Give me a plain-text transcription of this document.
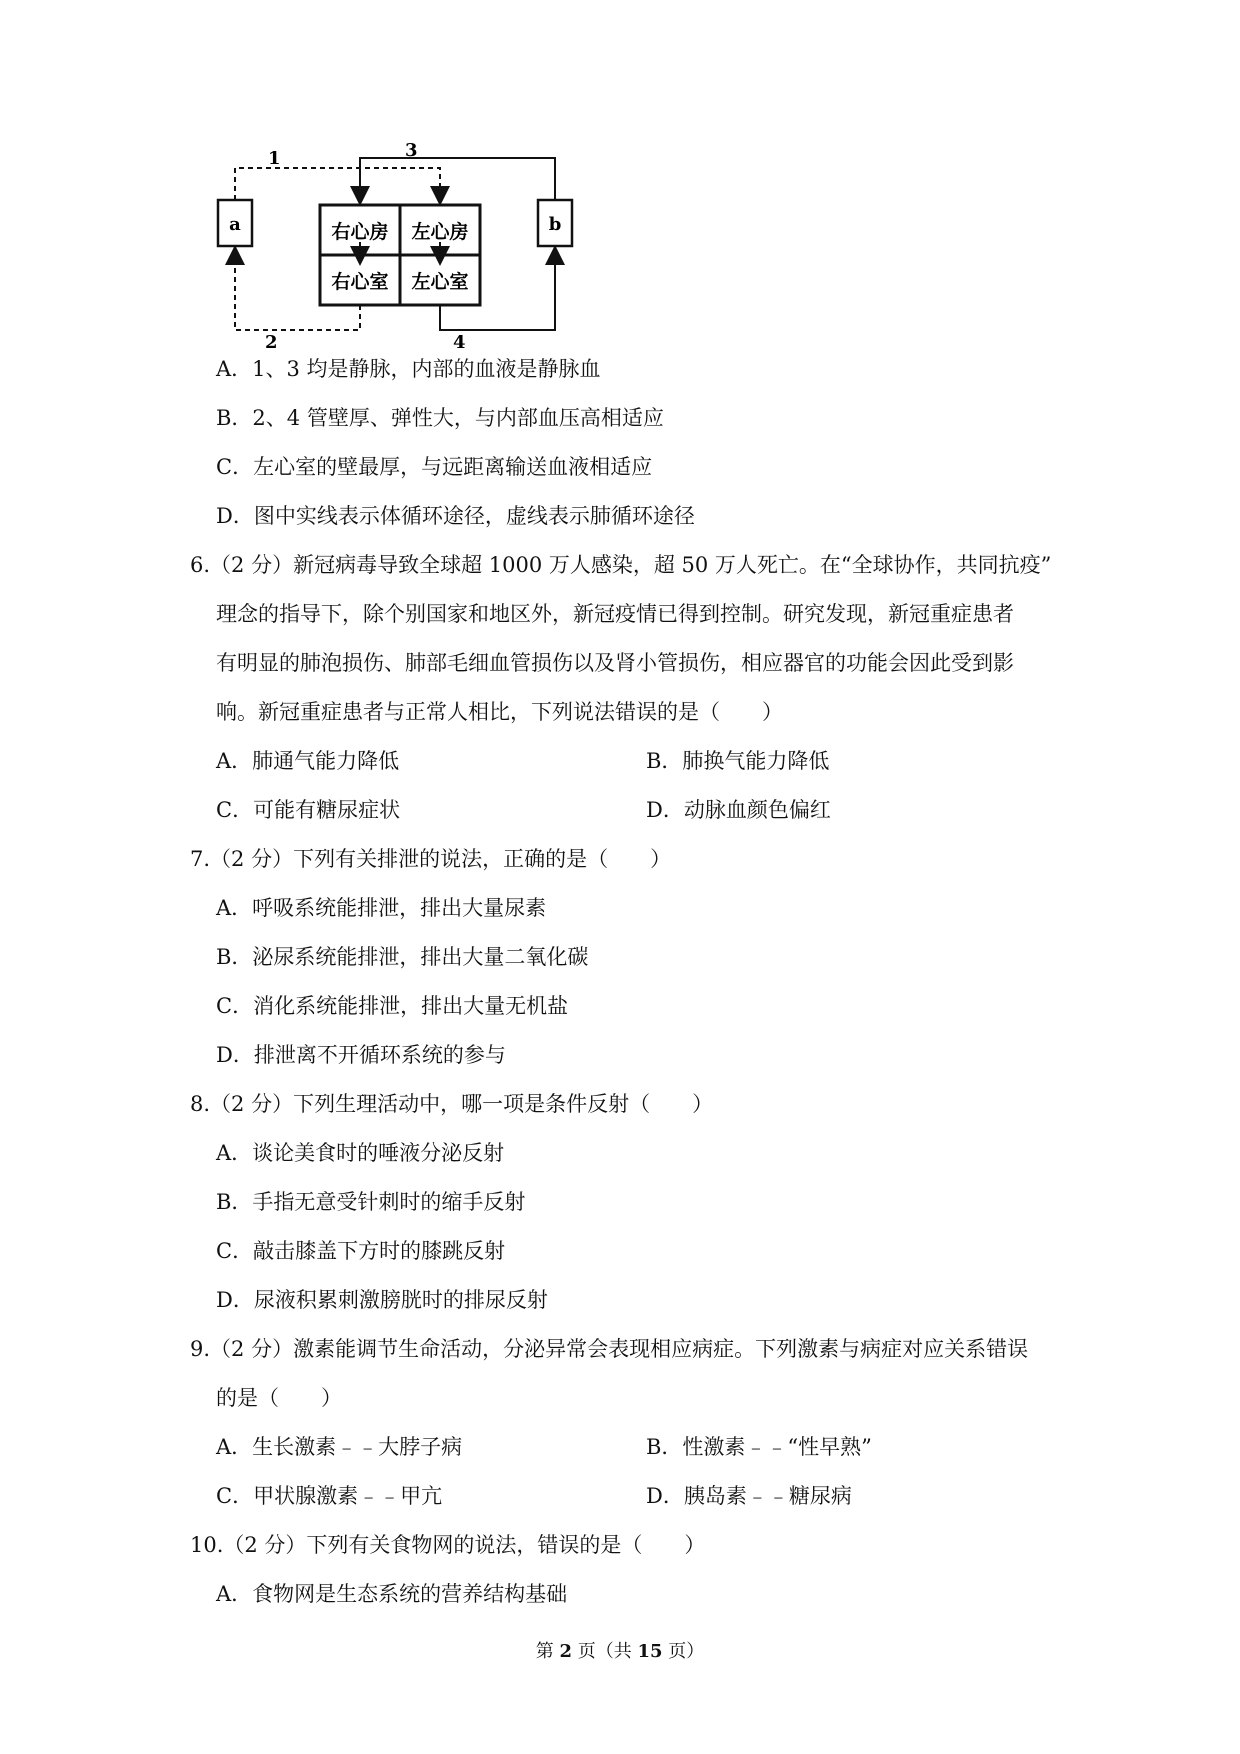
右心房 左心房
右心室 左心室
a	b
1	3
2	4
A．1、3 均是静脉，内部的血液是静脉血
B．2、4 管壁厚、弹性大，与内部血压高相适应
C．左心室的壁最厚，与远距离输送血液相适应
D．图中实线表示体循环途径，虚线表示肺循环途径
6.（2 分）新冠病毒导致全球超 1000 万人感染，超 50 万人死亡。在“全球协作，共同抗疫”
理念的指导下，除个别国家和地区外，新冠疫情已得到控制。研究发现，新冠重症患者
有明显的肺泡损伤、肺部毛细血管损伤以及肾小管损伤，相应器官的功能会因此受到影
响。新冠重症患者与正常人相比，下列说法错误的是（　　）
A．肺通气能力降低	B．肺换气能力降低
C．可能有糖尿症状	D．动脉血颜色偏红
7.（2 分）下列有关排泄的说法，正确的是（　　）
A．呼吸系统能排泄，排出大量尿素
B．泌尿系统能排泄，排出大量二氧化碳
C．消化系统能排泄，排出大量无机盐
D．排泄离不开循环系统的参与
8.（2 分）下列生理活动中，哪一项是条件反射（　　）
A．谈论美食时的唾液分泌反射
B．手指无意受针刺时的缩手反射
C．敲击膝盖下方时的膝跳反射
D．尿液积累刺激膀胱时的排尿反射
9.（2 分）激素能调节生命活动，分泌异常会表现相应病症。下列激素与病症对应关系错误
的是（　　）
A．生长激素﹣﹣大脖子病	B．性激素﹣﹣“性早熟”
C．甲状腺激素﹣﹣甲亢	D．胰岛素﹣﹣糖尿病
10.（2 分）下列有关食物网的说法，错误的是（　　）
A．食物网是生态系统的营养结构基础
第 2 页（共 15 页）
